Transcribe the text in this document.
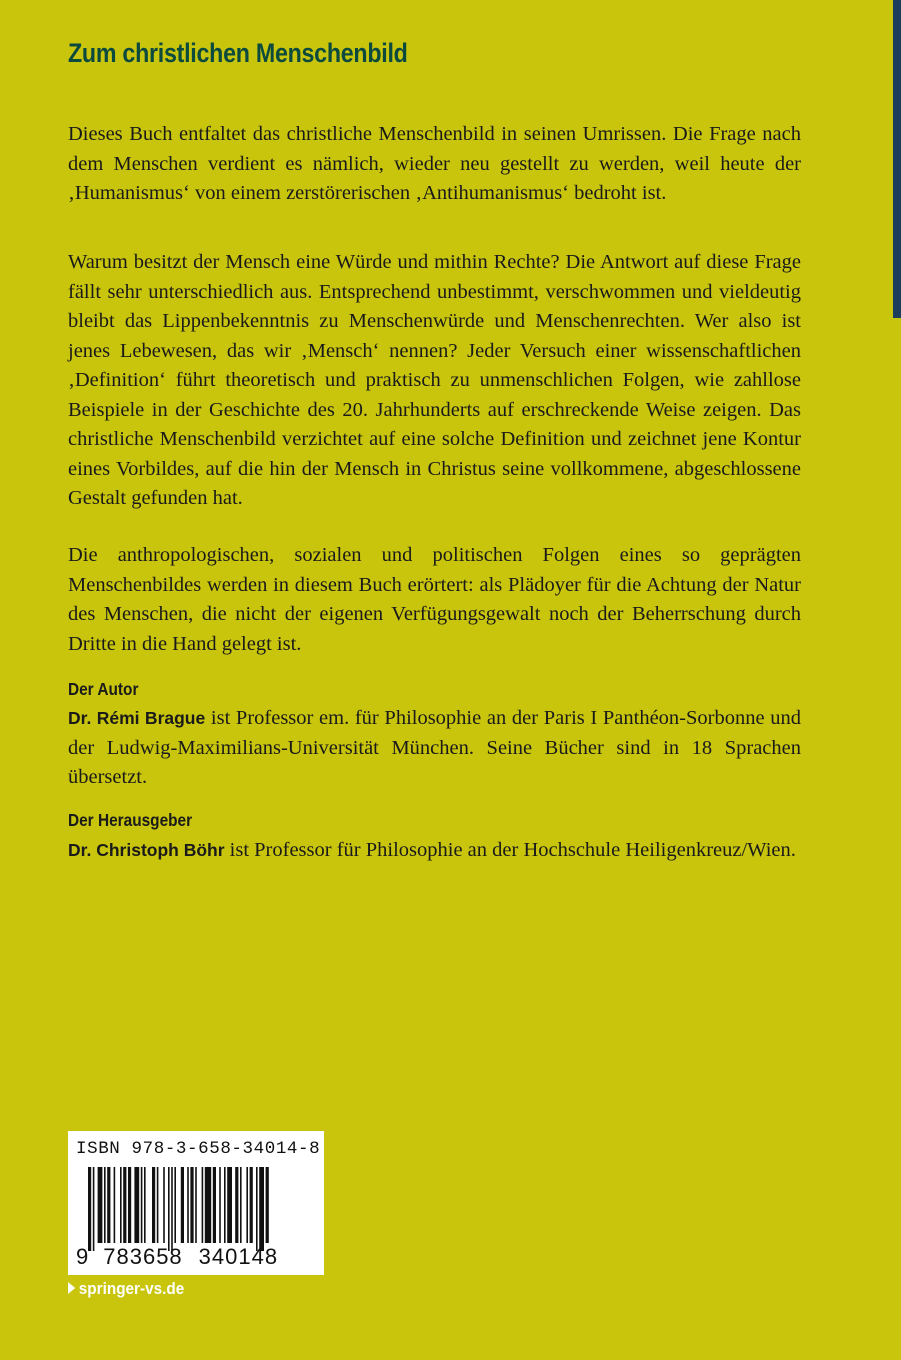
Zum christlichen Menschenbild
Dieses Buch entfaltet das christliche Menschenbild in seinen Umrissen. Die Frage nach dem Menschen verdient es nämlich, wieder neu gestellt zu werden, weil heute der ‚Humanismus‘ von einem zerstörerischen ‚Antihumanismus‘ bedroht ist.
Warum besitzt der Mensch eine Würde und mithin Rechte? Die Antwort auf diese Frage fällt sehr unterschiedlich aus. Entsprechend unbestimmt, verschwommen und vieldeutig bleibt das Lippenbekenntnis zu Menschenwürde und Menschenrechten. Wer also ist jenes Lebewesen, das wir ‚Mensch‘ nennen? Jeder Versuch einer wissenschaftlichen ‚Definition‘ führt theoretisch und praktisch zu unmenschlichen Folgen, wie zahllose Beispiele in der Geschichte des 20. Jahrhunderts auf erschreckende Weise zeigen. Das christliche Menschenbild verzichtet auf eine solche Definition und zeichnet jene Kontur eines Vorbildes, auf die hin der Mensch in Christus seine vollkommene, abgeschlossene Gestalt gefunden hat.
Die anthropologischen, sozialen und politischen Folgen eines so geprägten Menschenbildes werden in diesem Buch erörtert: als Plädoyer für die Achtung der Natur des Menschen, die nicht der eigenen Verfügungsgewalt noch der Beherrschung durch Dritte in die Hand gelegt ist.
Der Autor
Dr. Rémi Brague ist Professor em. für Philosophie an der Paris I Panthéon-Sorbonne und der Ludwig-Maximilians-Universität München. Seine Bücher sind in 18 Sprachen übersetzt.
Der Herausgeber
Dr. Christoph Böhr ist Professor für Philosophie an der Hochschule Heiligenkreuz/Wien.
ISBN 978-3-658-34014-8
9 783658 340148
springer-vs.de
